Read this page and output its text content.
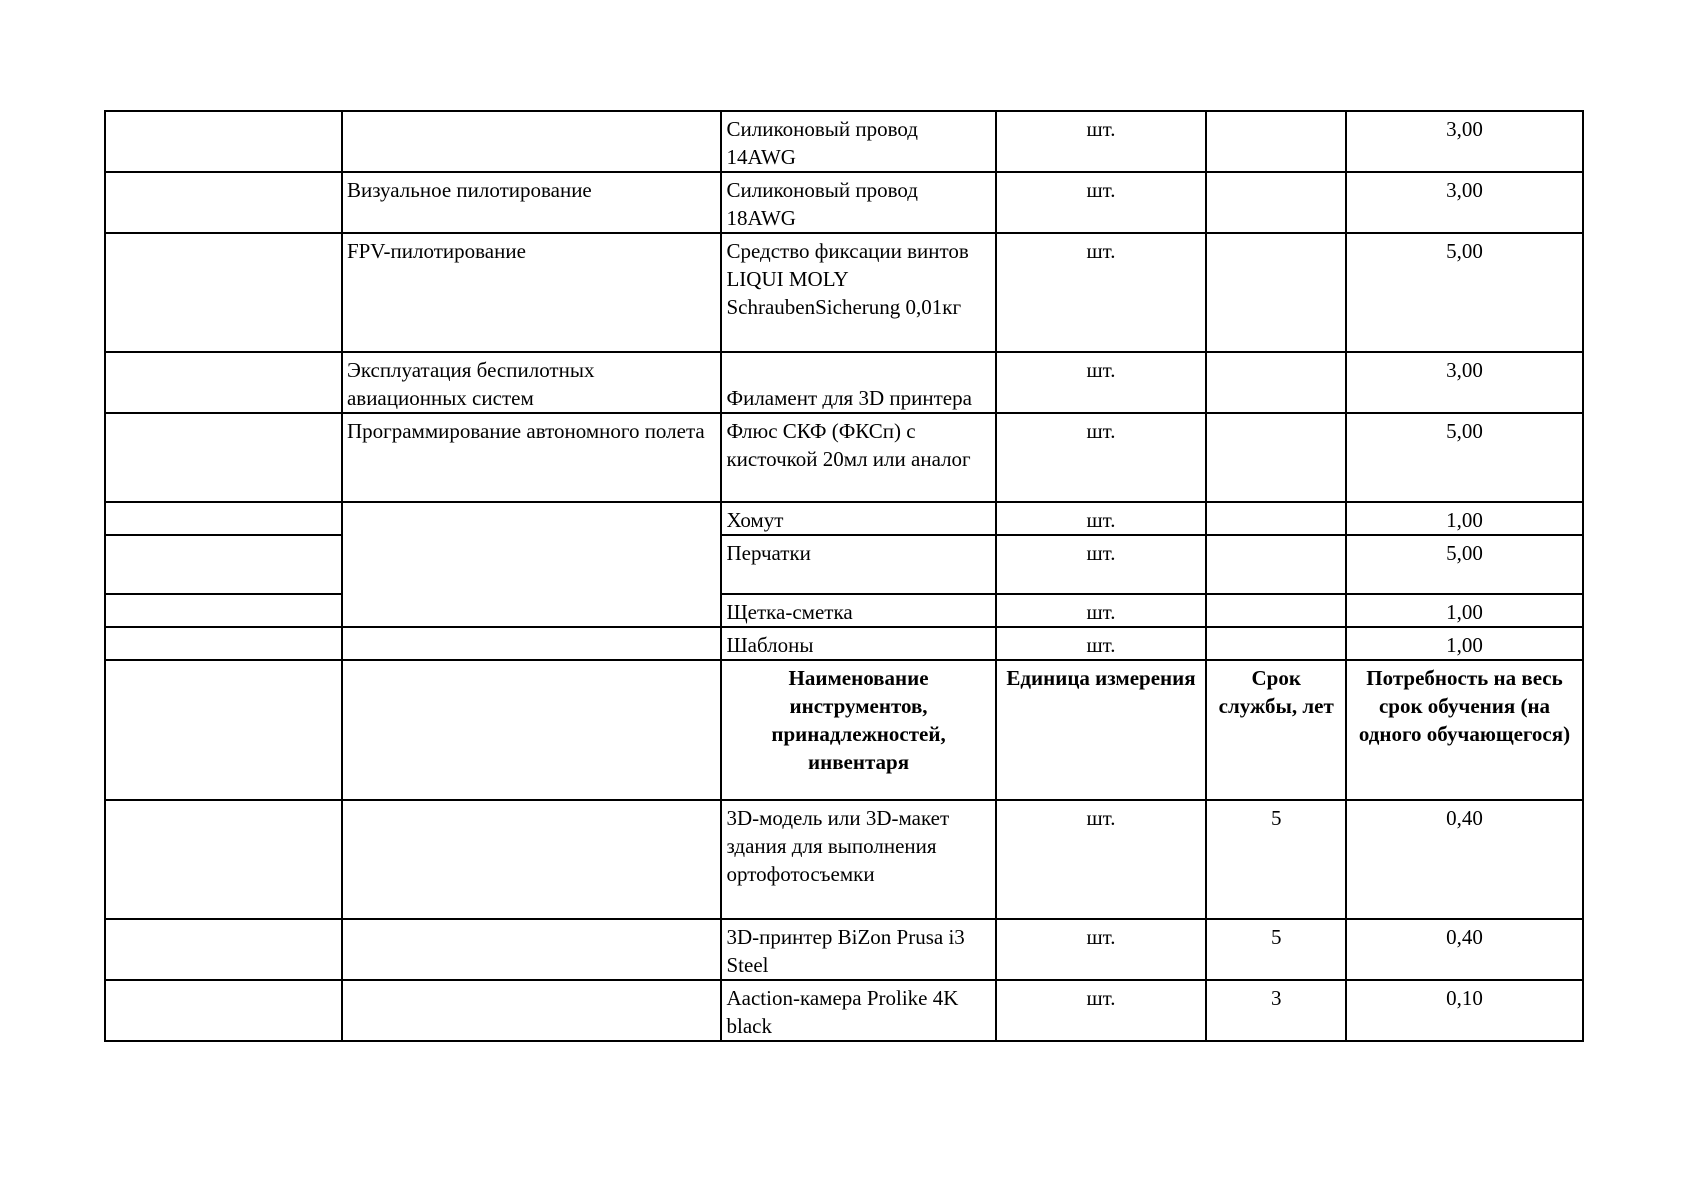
		Силиконовый провод 14AWG	шт.		3,00
	Визуальное пилотирование	Силиконовый провод 18AWG	шт.		3,00
	FPV-пилотирование	Средство фиксации винтов LIQUI MOLY SchraubenSicherung 0,01кг	шт.		5,00
	Эксплуатация беспилотных авиационных систем	Филамент для 3D принтера	шт.		3,00
	Программирование автономного полета	Флюс СКФ (ФКСп) с кисточкой 20мл или аналог	шт.		5,00
		Хомут	шт.		1,00
		Перчатки	шт.		5,00
		Щетка-сметка	шт.		1,00
		Шаблоны	шт.		1,00
		Наименование инструментов, принадлежностей, инвентаря	Единица измерения	Срок службы, лет	Потребность на весь срок обучения (на одного обучающегося)
		3D-модель или 3D-макет здания для выполнения ортофотосъемки	шт.	5	0,40
		3D-принтер BiZon Prusa i3 Steel	шт.	5	0,40
		Aaction-камера Prolike 4K black	шт.	3	0,10
